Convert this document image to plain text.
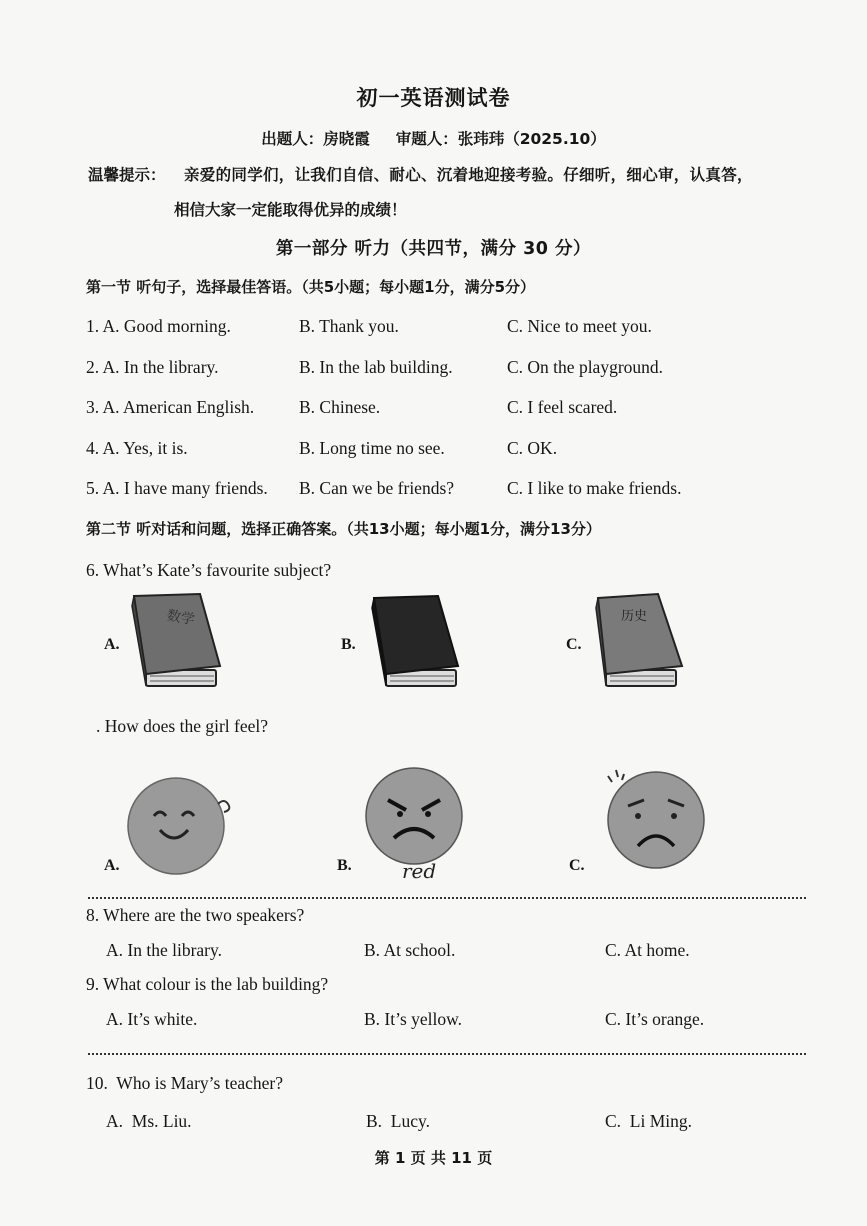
初一英语测试卷
出题人：房晓霞 审题人：张玮玮（2025.10）
温馨提示： 亲爱的同学们，让我们自信、耐心、沉着地迎接考验。仔细听，细心审，认真答，
相信大家一定能取得优异的成绩！
第一部分 听力（共四节，满分 30 分）
第一节 听句子，选择最佳答语。（共5小题；每小题1分，满分5分）
1. A. Good morning.	B. Thank you.	C. Nice to meet you.
2. A. In the library.	B. In the lab building.	C. On the playground.
3. A. American English.	B. Chinese.	C. I feel scared.
4. A. Yes, it is.	B. Long time no see.	C. OK.
5. A. I have many friends. B. Can we be friends?	C. I like to make friends.
第二节 听对话和问题，选择正确答案。（共13小题；每小题1分，满分13分）
6. What’s Kate’s favourite subject?
A.	B.	C.
数学	历史
. How does the girl feel?
A.	B.	C.
red
8. Where are the two speakers?
A. In the library.	B. At school.	C. At home.
9. What colour is the lab building?
A. It’s white.	B. It’s yellow.	C. It’s orange.
10.  Who is Mary’s teacher?
A.  Ms. Liu.	B.  Lucy.	C.  Li Ming.
第 1 页 共 11 页
